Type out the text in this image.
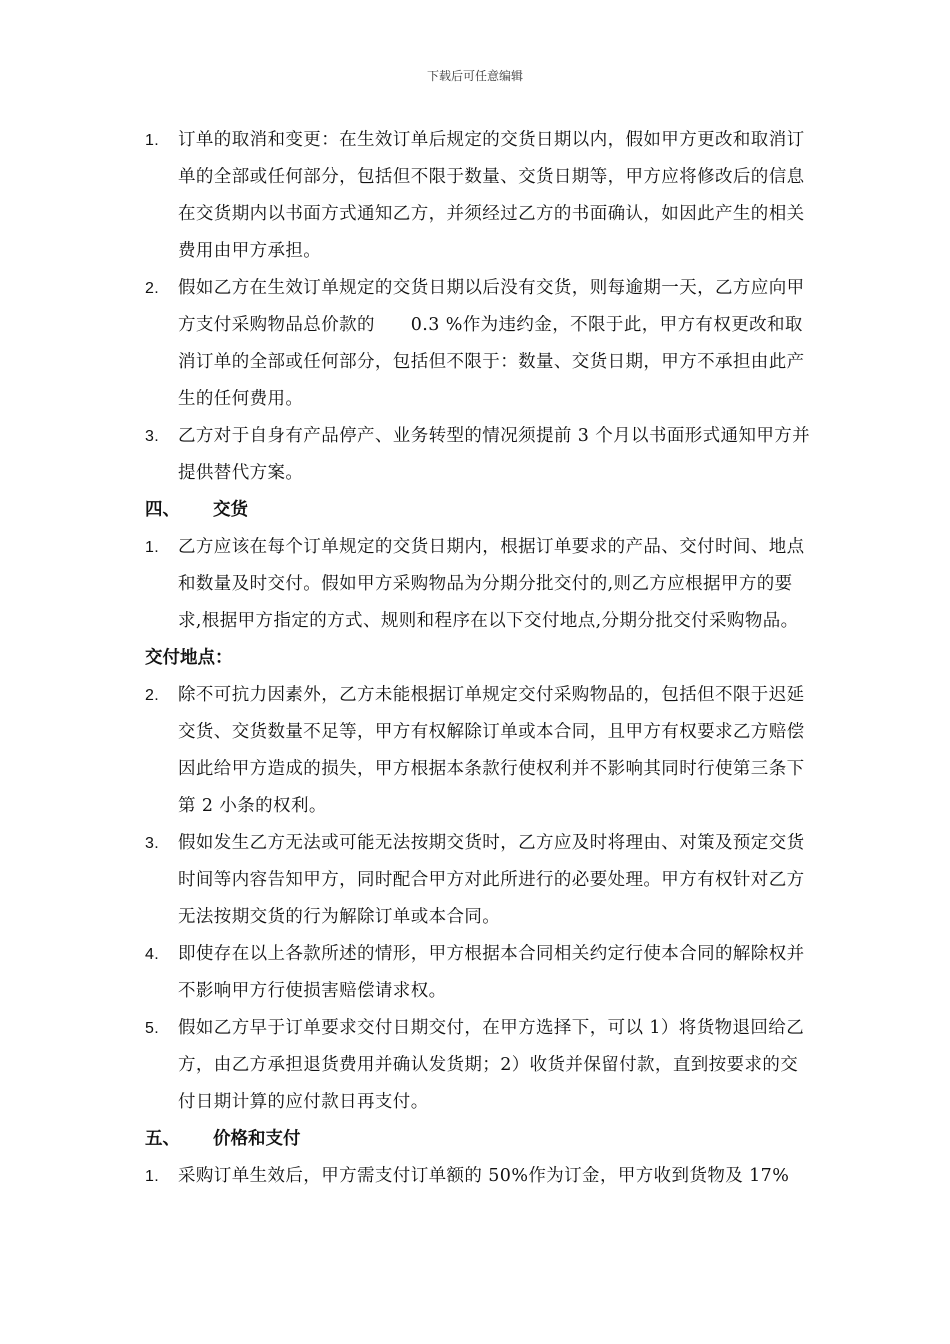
下载后可任意编辑
1. 订单的取消和变更：在生效订单后规定的交货日期以内，假如甲方更改和取消订单的全部或任何部分，包括但不限于数量、交货日期等，甲方应将修改后的信息在交货期内以书面方式通知乙方，并须经过乙方的书面确认，如因此产生的相关费用由甲方承担。
2. 假如乙方在生效订单规定的交货日期以后没有交货，则每逾期一天，乙方应向甲方支付采购物品总价款的　　0.3 %作为违约金，不限于此，甲方有权更改和取消订单的全部或任何部分，包括但不限于：数量、交货日期，甲方不承担由此产生的任何费用。
3. 乙方对于自身有产品停产、业务转型的情况须提前 3 个月以书面形式通知甲方并提供替代方案。
四、 交货
1. 乙方应该在每个订单规定的交货日期内，根据订单要求的产品、交付时间、地点和数量及时交付。假如甲方采购物品为分期分批交付的,则乙方应根据甲方的要求,根据甲方指定的方式、规则和程序在以下交付地点,分期分批交付采购物品。
交付地点：
2. 除不可抗力因素外，乙方未能根据订单规定交付采购物品的，包括但不限于迟延交货、交货数量不足等，甲方有权解除订单或本合同，且甲方有权要求乙方赔偿因此给甲方造成的损失，甲方根据本条款行使权利并不影响其同时行使第三条下第 2 小条的权利。
3. 假如发生乙方无法或可能无法按期交货时，乙方应及时将理由、对策及预定交货时间等内容告知甲方，同时配合甲方对此所进行的必要处理。甲方有权针对乙方无法按期交货的行为解除订单或本合同。
4. 即使存在以上各款所述的情形，甲方根据本合同相关约定行使本合同的解除权并不影响甲方行使损害赔偿请求权。
5. 假如乙方早于订单要求交付日期交付，在甲方选择下，可以 1）将货物退回给乙方，由乙方承担退货费用并确认发货期；2）收货并保留付款，直到按要求的交付日期计算的应付款日再支付。
五、 价格和支付
1. 采购订单生效后，甲方需支付订单额的 50%作为订金，甲方收到货物及 17%
